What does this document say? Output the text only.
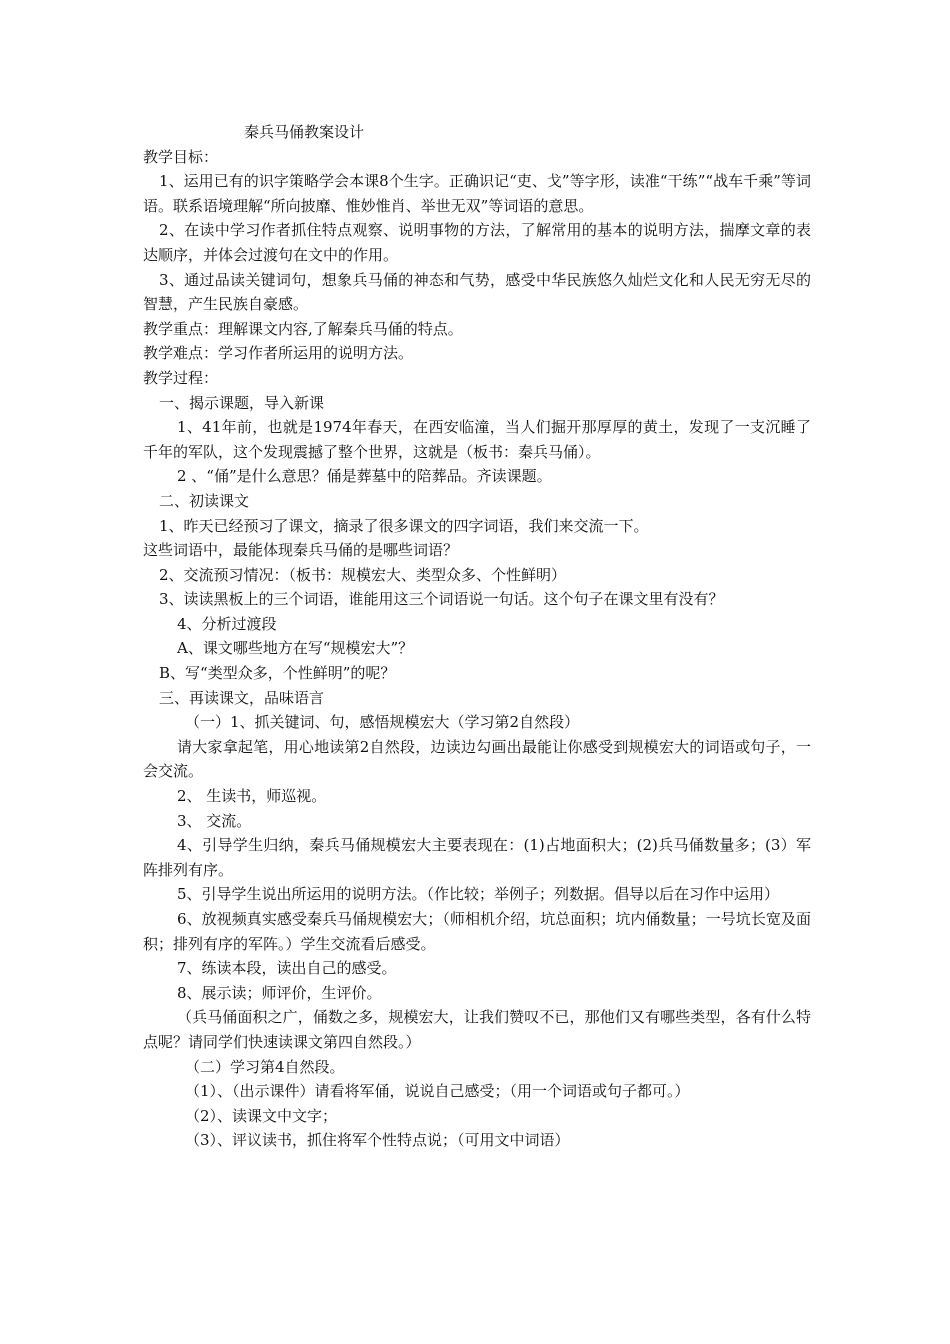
秦兵马俑教案设计

教学目标：

1、运用已有的识字策略学会本课8个生字。正确识记“吏、戈”等字形，读准“干练”“战车千乘”等词语。联系语境理解“所向披靡、惟妙惟肖、举世无双”等词语的意思。

2、在读中学习作者抓住特点观察、说明事物的方法，了解常用的基本的说明方法，揣摩文章的表达顺序，并体会过渡句在文中的作用。

3、通过品读关键词句，想象兵马俑的神态和气势，感受中华民族悠久灿烂文化和人民无穷无尽的智慧，产生民族自豪感。

教学重点：理解课文内容,了解秦兵马俑的特点。

教学难点：学习作者所运用的说明方法。

教学过程：

一、揭示课题，导入新课

1、41年前，也就是1974年春天，在西安临潼，当人们掘开那厚厚的黄土，发现了一支沉睡了千年的军队，这个发现震撼了整个世界，这就是（板书：秦兵马俑）。

2 、“俑”是什么意思？俑是葬墓中的陪葬品。齐读课题。

二、初读课文

1、昨天已经预习了课文，摘录了很多课文的四字词语，我们来交流一下。

这些词语中，最能体现秦兵马俑的是哪些词语？

2、交流预习情况：（板书：规模宏大、类型众多、个性鲜明）

3、读读黑板上的三个词语，谁能用这三个词语说一句话。这个句子在课文里有没有？

4、分析过渡段

A、课文哪些地方在写“规模宏大”？

B、写“类型众多，个性鲜明”的呢？

三、再读课文，品味语言

（一）1、抓关键词、句，感悟规模宏大（学习第2自然段）

请大家拿起笔，用心地读第2自然段，边读边勾画出最能让你感受到规模宏大的词语或句子，一会交流。

2、 生读书，师巡视。

3、 交流。

4、引导学生归纳，秦兵马俑规模宏大主要表现在：(1)占地面积大；(2)兵马俑数量多；(3）军阵排列有序。

5、引导学生说出所运用的说明方法。（作比较；举例子；列数据。倡导以后在习作中运用）

6、放视频真实感受秦兵马俑规模宏大；（师相机介绍，坑总面积；坑内俑数量；一号坑长宽及面积；排列有序的军阵。）学生交流看后感受。

7、练读本段，读出自己的感受。

8、展示读；师评价，生评价。

（兵马俑面积之广，俑数之多，规模宏大，让我们赞叹不已，那他们又有哪些类型，各有什么特点呢？请同学们快速读课文第四自然段。）

（二）学习第4自然段。

（1）、（出示课件）请看将军俑，说说自己感受；（用一个词语或句子都可。）

（2）、读课文中文字；

（3）、评议读书，抓住将军个性特点说；（可用文中词语）
